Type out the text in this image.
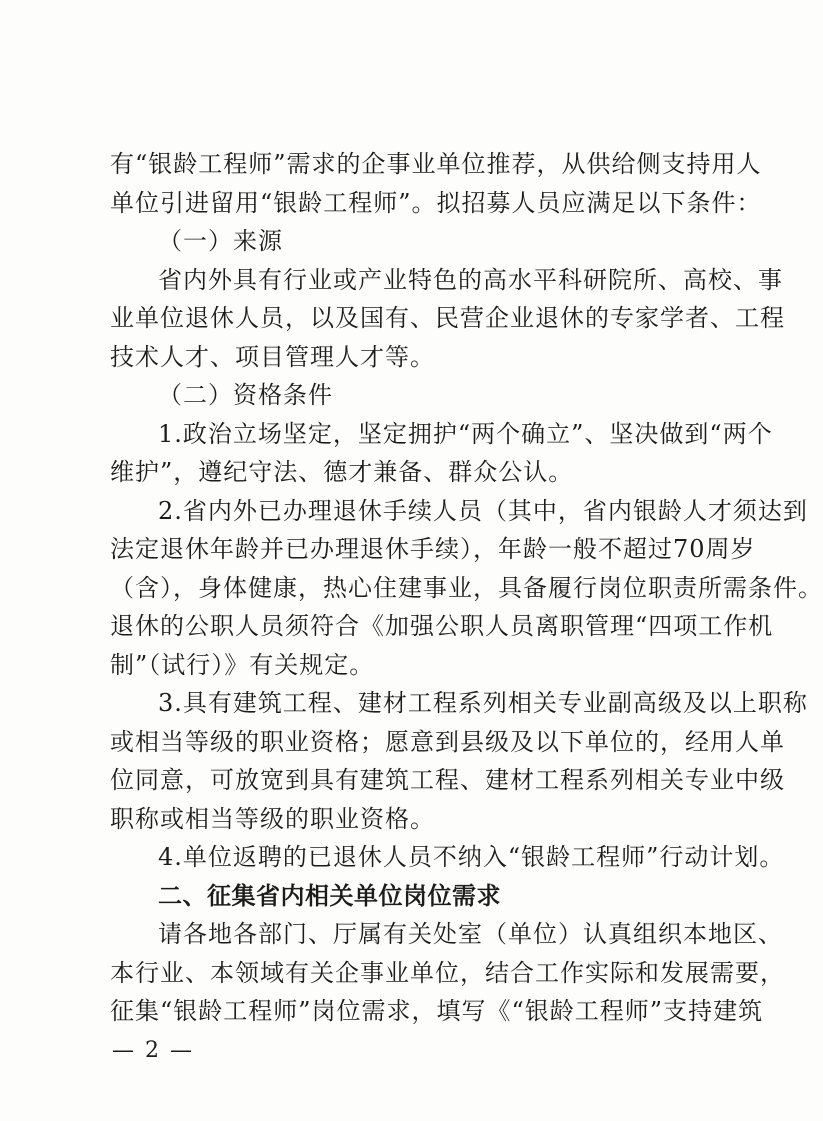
有“银龄工程师”需求的企事业单位推荐，从供给侧支持用人
单位引进留用“银龄工程师”。拟招募人员应满足以下条件：
（一）来源
省内外具有行业或产业特色的高水平科研院所、高校、事
业单位退休人员，以及国有、民营企业退休的专家学者、工程
技术人才、项目管理人才等。
（二）资格条件
1.政治立场坚定，坚定拥护“两个确立”、坚决做到“两个
维护”，遵纪守法、德才兼备、群众公认。
2.省内外已办理退休手续人员（其中，省内银龄人才须达到
法定退休年龄并已办理退休手续），年龄一般不超过70周岁
（含），身体健康，热心住建事业，具备履行岗位职责所需条件。
退休的公职人员须符合《加强公职人员离职管理“四项工作机
制”（试行）》有关规定。
3.具有建筑工程、建材工程系列相关专业副高级及以上职称
或相当等级的职业资格；愿意到县级及以下单位的，经用人单
位同意，可放宽到具有建筑工程、建材工程系列相关专业中级
职称或相当等级的职业资格。
4.单位返聘的已退休人员不纳入“银龄工程师”行动计划。
二、征集省内相关单位岗位需求
请各地各部门、厅属有关处室（单位）认真组织本地区、
— 2 —
本行业、本领域有关企事业单位，结合工作实际和发展需要，
征集“银龄工程师”岗位需求，填写《“银龄工程师”支持建筑
